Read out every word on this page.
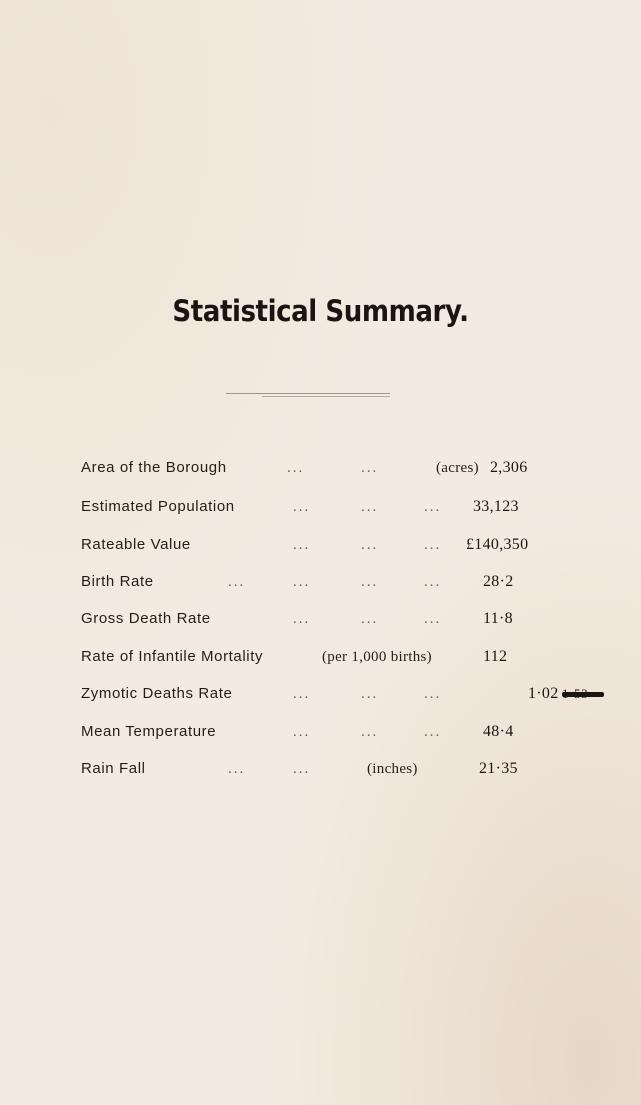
Statistical Summary.
Area of the Borough	...	...	(acres) 2,306
Estimated Population	...	...	... 33,123
Rateable Value	...	...	... £140,350
Birth Rate	...	...	...	...	28·2
Gross Death Rate	...	...	...	11·8
Rate of Infantile Mortality	(per 1,000 births)	112
Zymotic Deaths Rate	...	...	...	1·02
Mean Temperature	...	...	...	48·4
Rain Fall	...	...	(inches)	21·35
